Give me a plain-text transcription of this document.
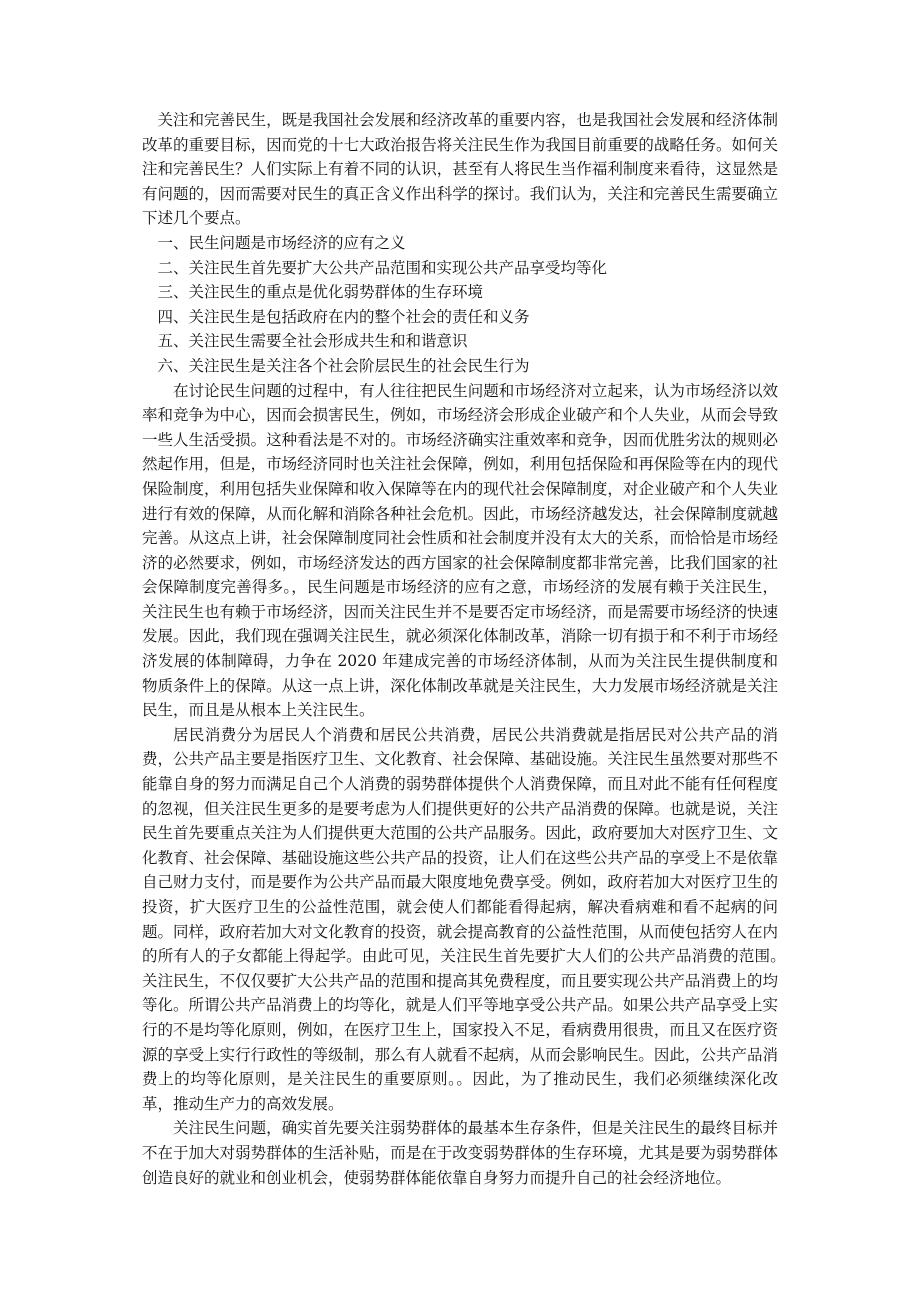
关注和完善民生，既是我国社会发展和经济改革的重要内容，也是我国社会发展和经济体制改革的重要目标，因而党的十七大政治报告将关注民生作为我国目前重要的战略任务。如何关注和完善民生？人们实际上有着不同的认识，甚至有人将民生当作福利制度来看待，这显然是有问题的，因而需要对民生的真正含义作出科学的探讨。我们认为，关注和完善民生需要确立下述几个要点。

一、民生问题是市场经济的应有之义
二、关注民生首先要扩大公共产品范围和实现公共产品享受均等化
三、关注民生的重点是优化弱势群体的生存环境
四、关注民生是包括政府在内的整个社会的责任和义务
五、关注民生需要全社会形成共生和和谐意识
六、关注民生是关注各个社会阶层民生的社会民生行为

在讨论民生问题的过程中，有人往往把民生问题和市场经济对立起来，认为市场经济以效率和竞争为中心，因而会损害民生，例如，市场经济会形成企业破产和个人失业，从而会导致一些人生活受损。这种看法是不对的。市场经济确实注重效率和竞争，因而优胜劣汰的规则必然起作用，但是，市场经济同时也关注社会保障，例如，利用包括保险和再保险等在内的现代保险制度，利用包括失业保障和收入保障等在内的现代社会保障制度，对企业破产和个人失业进行有效的保障，从而化解和消除各种社会危机。因此，市场经济越发达，社会保障制度就越完善。从这点上讲，社会保障制度同社会性质和社会制度并没有太大的关系，而恰恰是市场经济的必然要求，例如，市场经济发达的西方国家的社会保障制度都非常完善，比我们国家的社会保障制度完善得多。，民生问题是市场经济的应有之意，市场经济的发展有赖于关注民生，关注民生也有赖于市场经济，因而关注民生并不是要否定市场经济，而是需要市场经济的快速发展。因此，我们现在强调关注民生，就必须深化体制改革，消除一切有损于和不利于市场经济发展的体制障碍，力争在 2020 年建成完善的市场经济体制，从而为关注民生提供制度和物质条件上的保障。从这一点上讲，深化体制改革就是关注民生，大力发展市场经济就是关注民生，而且是从根本上关注民生。

居民消费分为居民人个消费和居民公共消费，居民公共消费就是指居民对公共产品的消费，公共产品主要是指医疗卫生、文化教育、社会保障、基础设施。关注民生虽然要对那些不能靠自身的努力而满足自己个人消费的弱势群体提供个人消费保障，而且对此不能有任何程度的忽视，但关注民生更多的是要考虑为人们提供更好的公共产品消费的保障。也就是说，关注民生首先要重点关注为人们提供更大范围的公共产品服务。因此，政府要加大对医疗卫生、文化教育、社会保障、基础设施这些公共产品的投资，让人们在这些公共产品的享受上不是依靠自己财力支付，而是要作为公共产品而最大限度地免费享受。例如，政府若加大对医疗卫生的投资，扩大医疗卫生的公益性范围，就会使人们都能看得起病，解决看病难和看不起病的问题。同样，政府若加大对文化教育的投资，就会提高教育的公益性范围，从而使包括穷人在内的所有人的子女都能上得起学。由此可见，关注民生首先要扩大人们的公共产品消费的范围。　关注民生，不仅仅要扩大公共产品的范围和提高其免费程度，而且要实现公共产品消费上的均等化。所谓公共产品消费上的均等化，就是人们平等地享受公共产品。如果公共产品享受上实行的不是均等化原则，例如，在医疗卫生上，国家投入不足，看病费用很贵，而且又在医疗资源的享受上实行行政性的等级制，那么有人就看不起病，从而会影响民生。因此，公共产品消费上的均等化原则，是关注民生的重要原则。。因此，为了推动民生，我们必须继续深化改革，推动生产力的高效发展。

关注民生问题，确实首先要关注弱势群体的最基本生存条件，但是关注民生的最终目标并不在于加大对弱势群体的生活补贴，而是在于改变弱势群体的生存环境，尤其是要为弱势群体创造良好的就业和创业机会，使弱势群体能依靠自身努力而提升自己的社会经济地位。
